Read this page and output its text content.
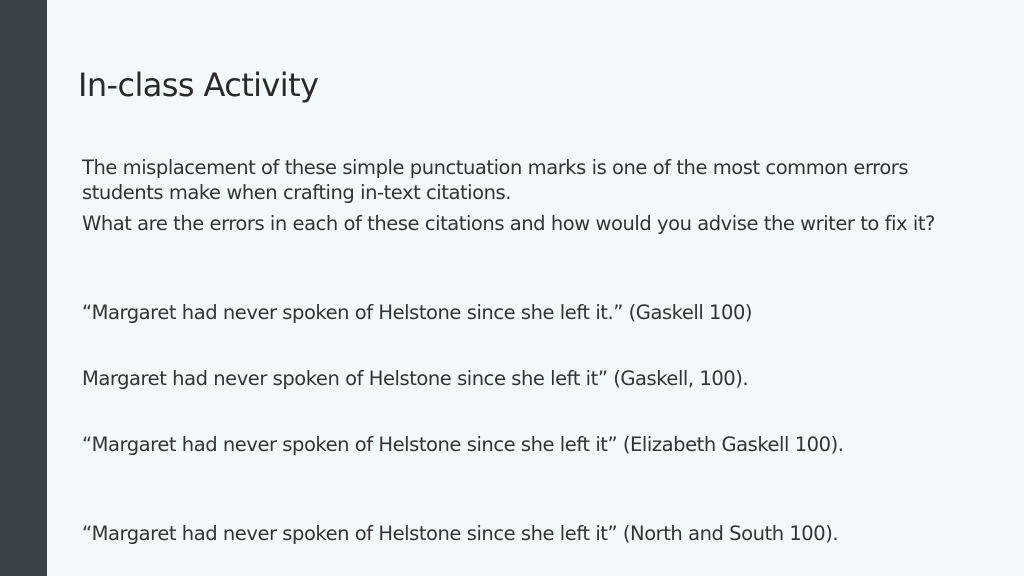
In-class Activity
The misplacement of these simple punctuation marks is one of the most common errors students make when crafting in-text citations.
What are the errors in each of these citations and how would you advise the writer to fix it?
“Margaret had never spoken of Helstone since she left it.” (Gaskell 100)
Margaret had never spoken of Helstone since she left it” (Gaskell, 100).
“Margaret had never spoken of Helstone since she left it” (Elizabeth Gaskell 100).
“Margaret had never spoken of Helstone since she left it” (North and South 100).
